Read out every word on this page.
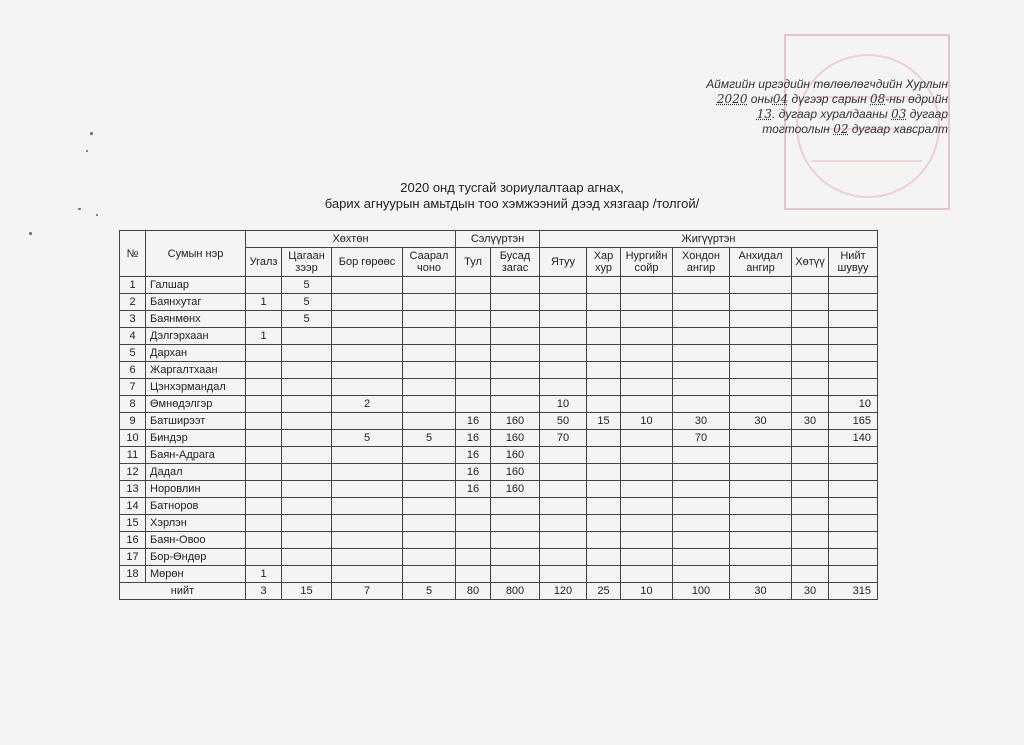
Аймгийн иргэдийн төлөөлөгчдийн Хурлын
2020 оны04 дүгээр сарын 08-ны өдрийн
13. дугаар хуралдааны 03 дугаар
тогтоолын 02 дугаар хавсралт
2020 онд тусгай зориулалтаар агнах,
барих агнуурын амьтдын тоо хэмжээний дээд хязгаар /толгой/
№	Сумын нэр	Хөхтөн				Сэлүүртэн		Жигүүртэн						
		Угалз	Цагаан зээр	Бор гөрөөс	Саарал чоно	Тул	Бусад загас	Ятуу	Хар хур	Нургийн сойр	Хондон ангир	Анхидал ангир	Хөтүү	Нийт шувуу
1	Галшар		5											
2	Баянхутаг	1	5											
3	Баянмөнх		5											
4	Дэлгэрхаан	1												
5	Дархан													
6	Жаргалтхаан													
7	Цэнхэрмандал													
8	Өмнөдэлгэр			2				10						10
9	Батширээт					16	160	50	15	10	30	30	30	165
10	Биндэр			5	5	16	160	70			70			140
11	Баян-Адрага					16	160							
12	Дадал					16	160							
13	Норовлин					16	160							
14	Батноров													
15	Хэрлэн													
16	Баян-Овоо													
17	Бор-Өндөр													
18	Мөрөн	1												
нийт		3	15	7	5	80	800	120	25	10	100	30	30	315
